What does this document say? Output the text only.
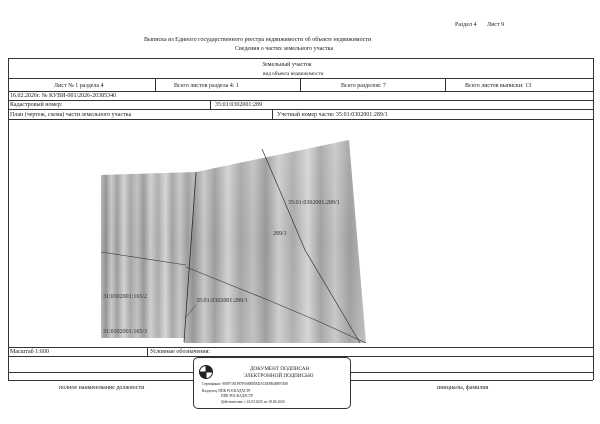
Раздел 4 Лист 9
Выписка из Единого государственного реестра недвижимости об объекте недвижимости
Сведения о частях земельного участка
Земельный участок
вид объекта недвижимости
Лист № 1 раздела 4	Всего листов раздела 4: 1	Всего разделов: 7	Всего листов выписки: 13
16.02.2026г. № КУВИ-001/2026-20385340
Кадастровый номер:	35:01:0302001:289
План (чертеж, схема) части земельного участка	Учетный номер части: 35:01:0302001:289/1
35:01:0302001:289/1
289/1
31:0302001:165/2
35:01:0302001:289/1
31:0302001:165/3
Масштаб 1:600	Условные обозначения:
полное наименование должности	инициалы, фамилия
ДОКУМЕНТ ПОДПИСАН
ЭЛЕКТРОННОЙ ПОДПИСЬЮ
Сертификат: 00097181F87F008B85EDA53E8B48B97468
Владелец: ППК РОСКАДАСТР
ППК РОСКАДАСТР
Действителен: с 24.03.2025 по 18.06.2026
